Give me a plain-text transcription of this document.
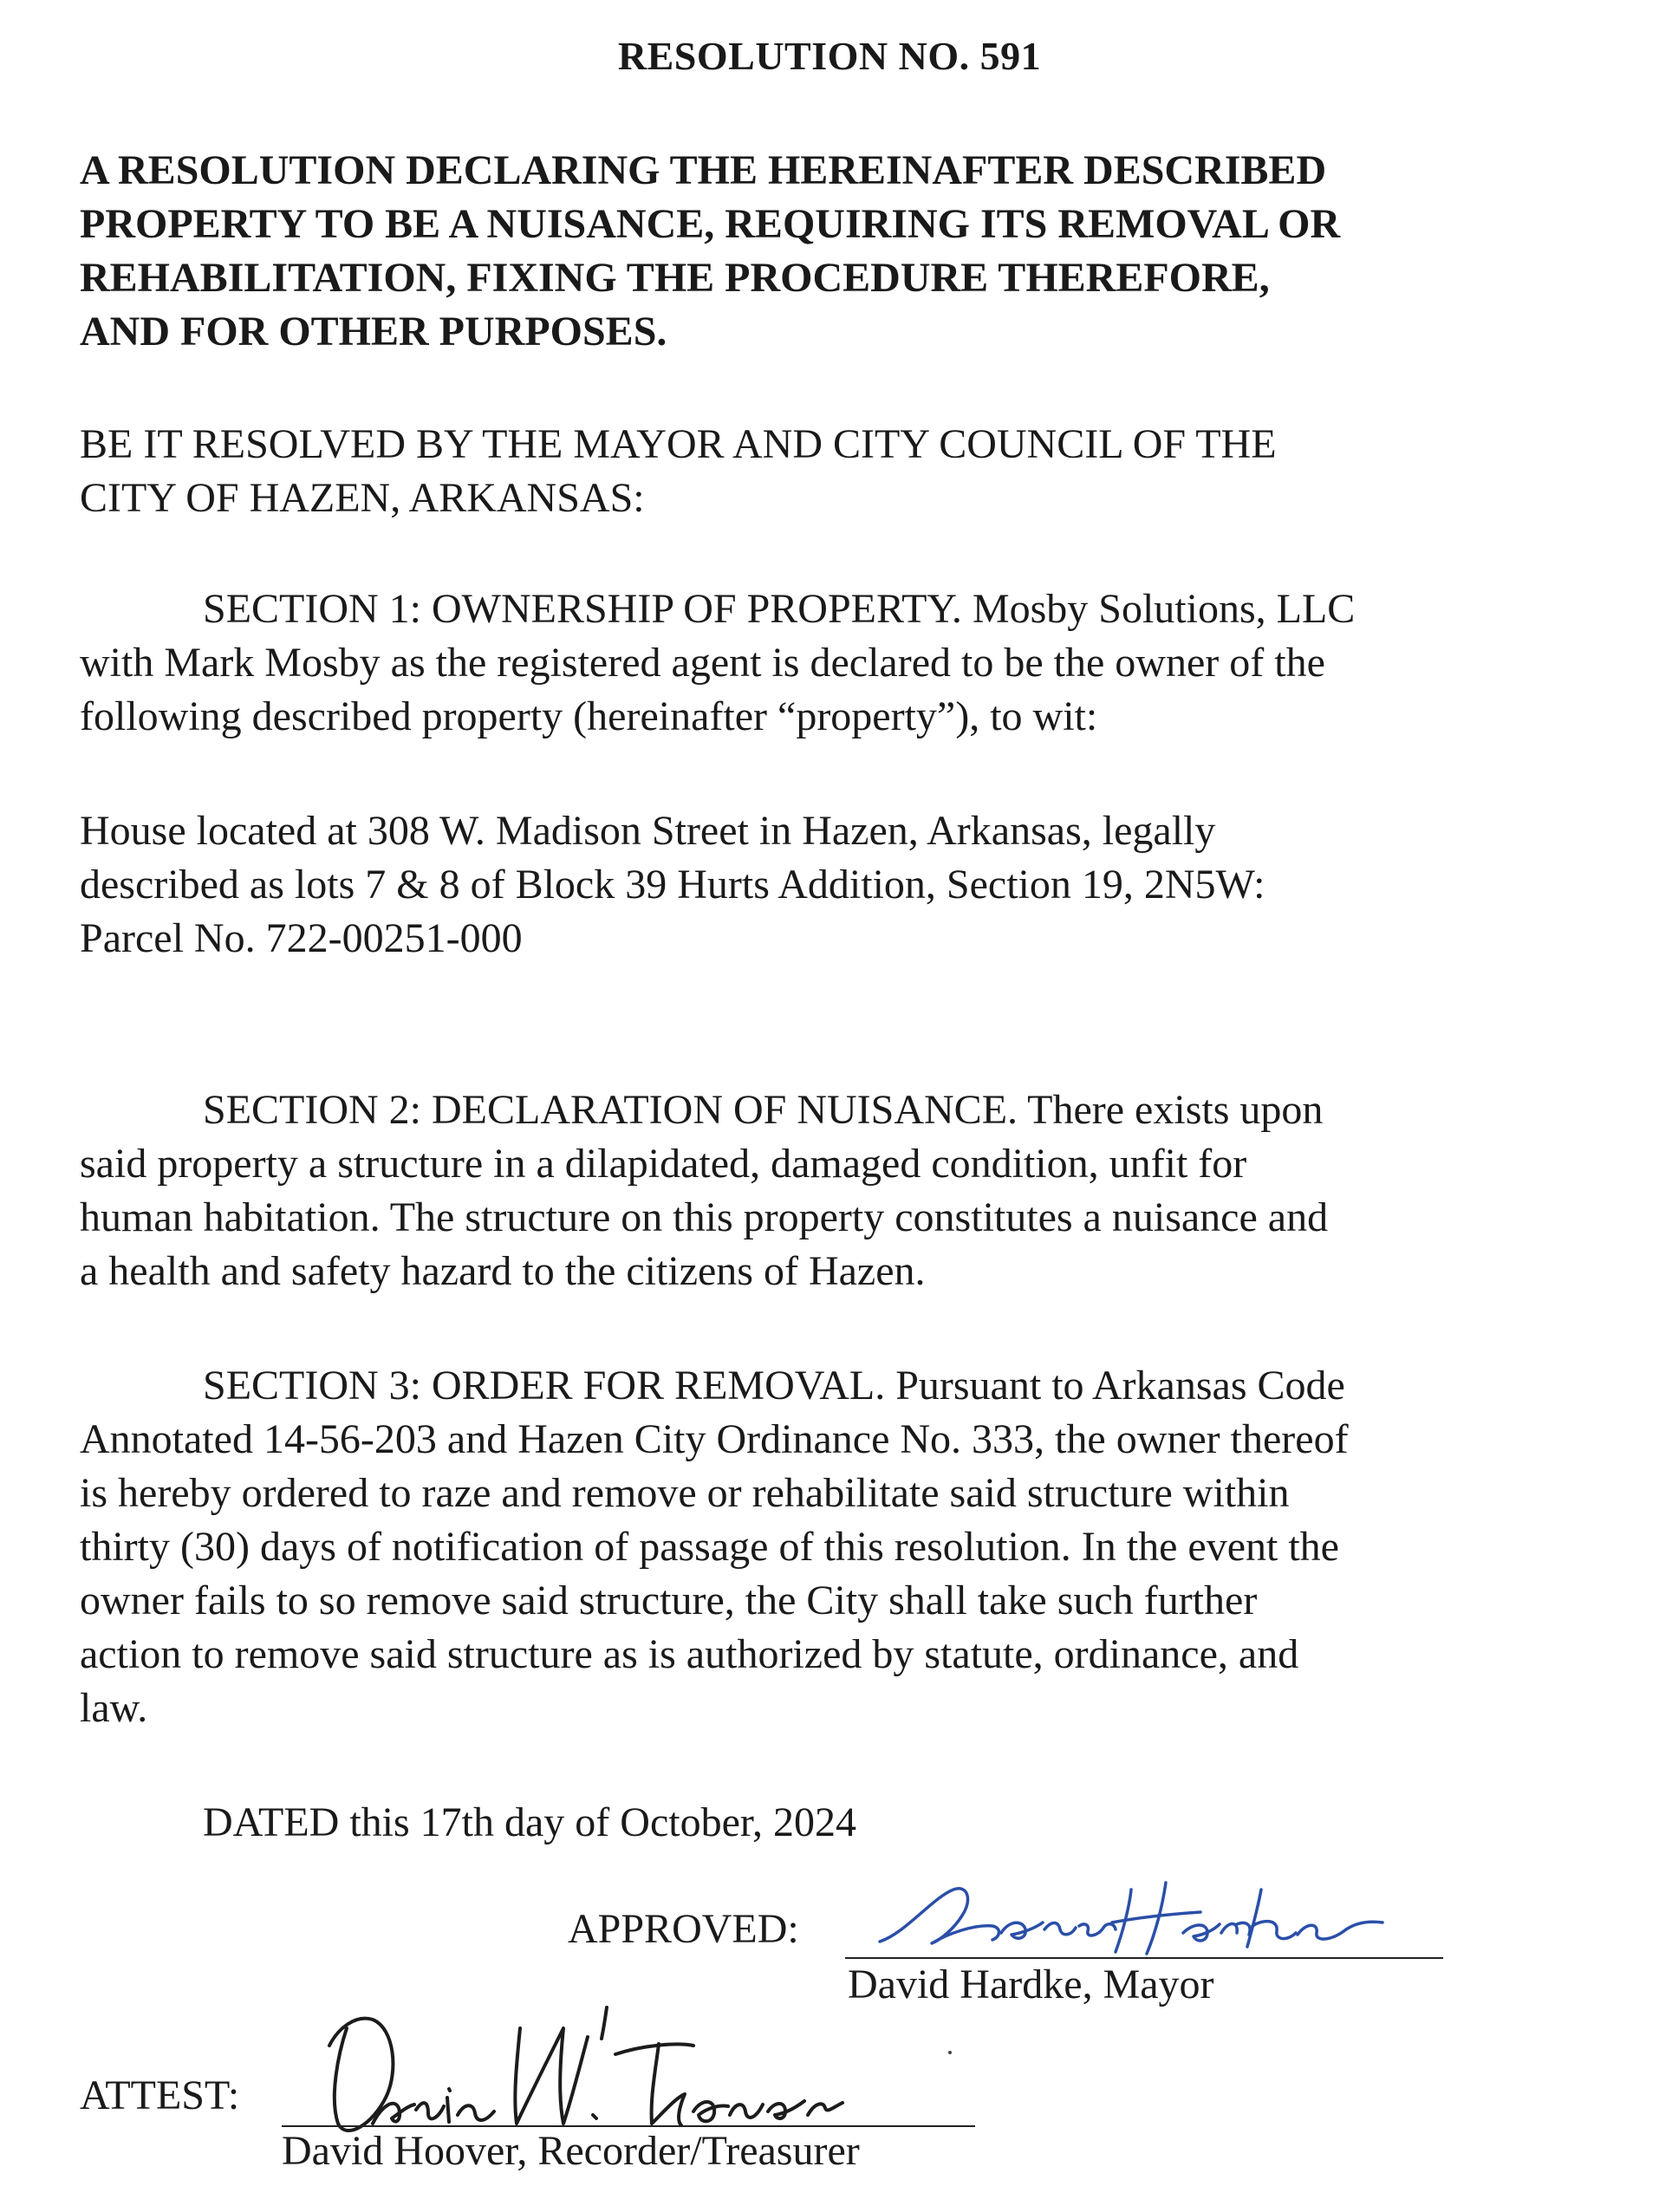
RESOLUTION NO. 591
A RESOLUTION DECLARING THE HEREINAFTER DESCRIBED
PROPERTY TO BE A NUISANCE, REQUIRING ITS REMOVAL OR
REHABILITATION, FIXING THE PROCEDURE THEREFORE,
AND FOR OTHER PURPOSES.
BE IT RESOLVED BY THE MAYOR AND CITY COUNCIL OF THE
CITY OF HAZEN, ARKANSAS:
SECTION 1: OWNERSHIP OF PROPERTY. Mosby Solutions, LLC
with Mark Mosby as the registered agent is declared to be the owner of the
following described property (hereinafter “property”), to wit:
House located at 308 W. Madison Street in Hazen, Arkansas, legally
described as lots 7 & 8 of Block 39 Hurts Addition, Section 19, 2N5W:
Parcel No. 722-00251-000
SECTION 2: DECLARATION OF NUISANCE. There exists upon
said property a structure in a dilapidated, damaged condition, unfit for
human habitation. The structure on this property constitutes a nuisance and
a health and safety hazard to the citizens of Hazen.
SECTION 3: ORDER FOR REMOVAL. Pursuant to Arkansas Code
Annotated 14-56-203 and Hazen City Ordinance No. 333, the owner thereof
is hereby ordered to raze and remove or rehabilitate said structure within
thirty (30) days of notification of passage of this resolution. In the event the
owner fails to so remove said structure, the City shall take such further
action to remove said structure as is authorized by statute, ordinance, and
law.
DATED this 17th day of October, 2024
APPROVED:
David Hardke, Mayor
ATTEST:
David Hoover, Recorder/Treasurer
